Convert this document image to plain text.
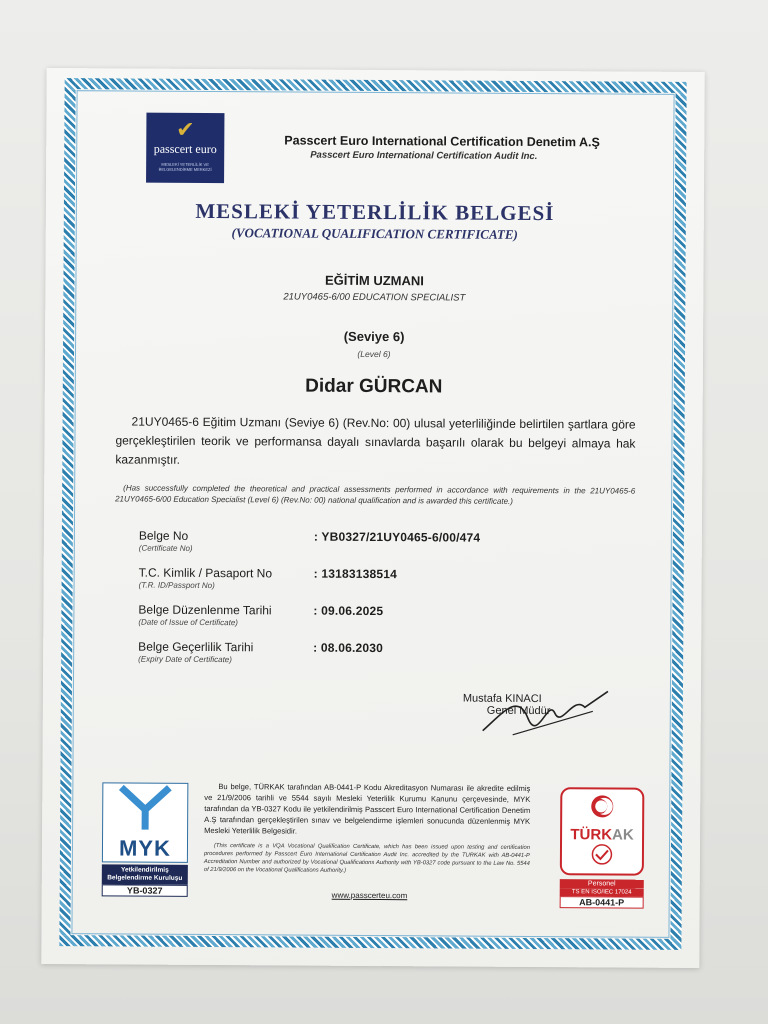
✔
passcert euro
MESLEKİ YETERLİLİK VE BELGELENDİRME MERKEZİ
Passcert Euro International Certification Denetim A.Ş
Passcert Euro International Certification Audit Inc.
MESLEKİ YETERLİLİK BELGESİ
(VOCATIONAL QUALIFICATION CERTIFICATE)
EĞİTİM UZMANI
21UY0465-6/00 EDUCATION SPECIALIST
(Seviye 6)
(Level 6)
Didar GÜRCAN
21UY0465-6 Eğitim Uzmanı (Seviye 6) (Rev.No: 00) ulusal yeterliliğinde belirtilen şartlara göre gerçekleştirilen teorik ve performansa dayalı sınavlarda başarılı olarak bu belgeyi almaya hak kazanmıştır.
(Has successfully completed the theoretical and practical assessments performed in accordance with requirements in the 21UY0465-6 21UY0465-6/00 Education Specialist (Level 6) (Rev.No: 00) national qualification and is awarded this certificate.)
Belge No
(Certificate No)
: YB0327/21UY0465-6/00/474
T.C. Kimlik / Pasaport No
(T.R. ID/Passport No)
: 13183138514
Belge Düzenlenme Tarihi
(Date of Issue of Certificate)
: 09.06.2025
Belge Geçerlilik Tarihi
(Expiry Date of Certificate)
: 08.06.2030
Mustafa KINACI
Genel Müdür
MYK
Yetkilendirilmiş Belgelendirme Kuruluşu
YB-0327
Bu belge, TÜRKAK tarafından AB-0441-P Kodu Akreditasyon Numarası ile akredite edilmiş ve 21/9/2006 tarihli ve 5544 sayılı Mesleki Yeterlilik Kurumu Kanunu çerçevesinde, MYK tarafından da YB-0327 Kodu ile yetkilendirilmiş Passcert Euro International Certification Denetim A.Ş tarafından gerçekleştirilen sınav ve belgelendirme işlemleri sonucunda düzenlenmiş MYK Mesleki Yeterlilik Belgesidir.
(This certificate is a VQA Vocational Qualification Certificate, which has been issued upon testing and certification procedures performed by Passcert Euro International Certification Audit Inc. accredited by the TURKAK with AB-0441-P Accreditation Number and authorized by Vocational Qualifications Authority with YB-0327 code pursuant to the Law No. 5544 of 21/9/2006 on the Vocational Qualifications Authority.)
www.passcerteu.com
TÜRKAK
Personel
TS EN ISO/IEC 17024
AB-0441-P
